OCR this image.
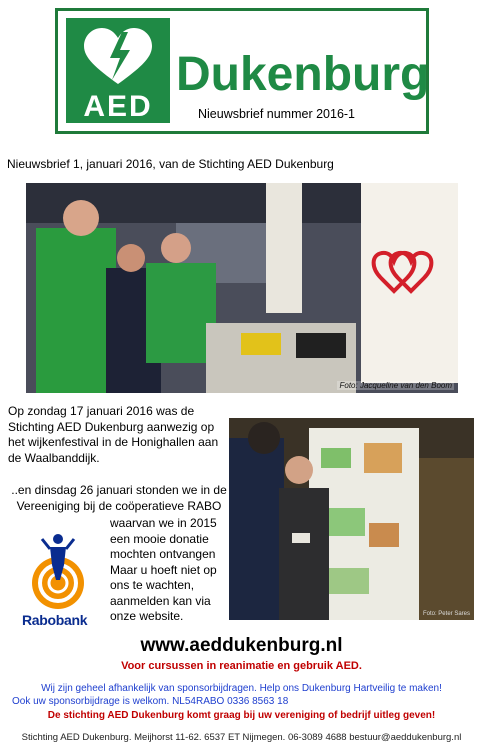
AED
Dukenburg
Nieuwsbrief nummer 2016-1
Nieuwsbrief 1, januari 2016, van de Stichting AED Dukenburg
Foto: Jacqueline van den Boom
Op zondag 17 januari 2016 was de Stichting AED Dukenburg aanwezig op het wijkenfestival in de Honighallen aan de Waalbanddijk.
..en dinsdag 26 januari stonden we in de Vereeniging bij de coöperatieve RABO
waarvan we in 2015 een mooie donatie mochten ontvangen Maar u hoeft niet op ons te wachten, aanmelden kan via onze website.
Rabobank	Foto: Peter Sares
www.aeddukenburg.nl
Voor cursussen in reanimatie en gebruik AED.
Wij zijn geheel afhankelijk van sponsorbijdragen. Help ons Dukenburg Hartveilig te maken!
Ook uw sponsorbijdrage is welkom. NL54RABO 0336 8563 18
De stichting AED Dukenburg komt graag bij uw vereniging of bedrijf uitleg geven!
Stichting AED Dukenburg. Meijhorst 11-62. 6537 ET Nijmegen. 06-3089 4688 bestuur@aeddukenburg.nl
